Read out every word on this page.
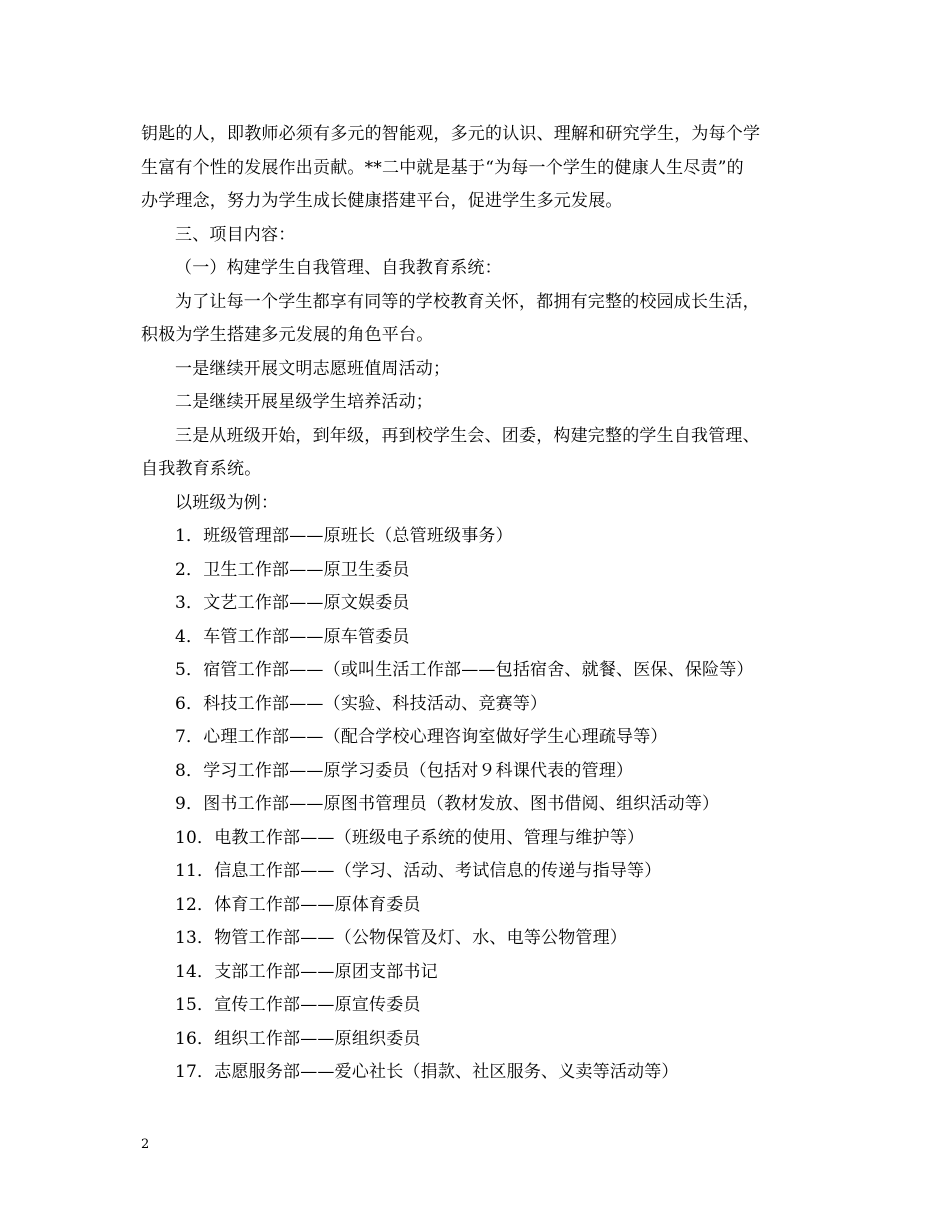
钥匙的人，即教师必须有多元的智能观，多元的认识、理解和研究学生，为每个学

生富有个性的发展作出贡献。**二中就是基于“为每一个学生的健康人生尽责”的

办学理念，努力为学生成长健康搭建平台，促进学生多元发展。

三、项目内容：

（一）构建学生自我管理、自我教育系统：

为了让每一个学生都享有同等的学校教育关怀，都拥有完整的校园成长生活，

积极为学生搭建多元发展的角色平台。

一是继续开展文明志愿班值周活动；

二是继续开展星级学生培养活动；

三是从班级开始，到年级，再到校学生会、团委，构建完整的学生自我管理、

自我教育系统。

以班级为例：

1．班级管理部——原班长（总管班级事务）

2．卫生工作部——原卫生委员

3．文艺工作部——原文娱委员

4．车管工作部——原车管委员

5．宿管工作部——（或叫生活工作部——包括宿舍、就餐、医保、保险等）

6．科技工作部——（实验、科技活动、竞赛等）

7．心理工作部——（配合学校心理咨询室做好学生心理疏导等）

8．学习工作部——原学习委员（包括对９科课代表的管理）

9．图书工作部——原图书管理员（教材发放、图书借阅、组织活动等）

10．电教工作部——（班级电子系统的使用、管理与维护等）

11．信息工作部——（学习、活动、考试信息的传递与指导等）

12．体育工作部——原体育委员

13．物管工作部——（公物保管及灯、水、电等公物管理）

14．支部工作部——原团支部书记

15．宣传工作部——原宣传委员

16．组织工作部——原组织委员

17．志愿服务部——爱心社长（捐款、社区服务、义卖等活动等）

2
